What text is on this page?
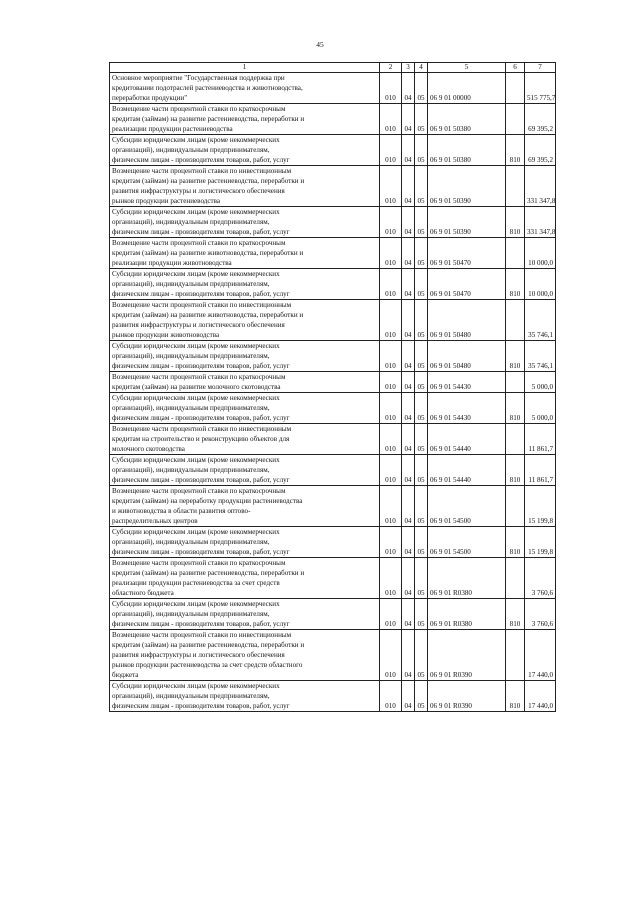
45
1	2	3	4	5	6	7

Основное мероприятие "Государственная поддержка при
кредитовании подотраслей растениеводства и животноводства,
переработки продукции"	010	04	05	06 9 01 00000		515 775,7

Возмещение части процентной ставки по краткосрочным
кредитам (займам) на развитие растениеводства, переработки и
реализации продукции растениеводства	010	04	05	06 9 01 50380		69 395,2

Субсидии юридическим лицам (кроме некоммерческих
организаций), индивидуальным предпринимателям,
физическим лицам - производителям товаров, работ, услуг	010	04	05	06 9 01 50380	810	69 395,2

Возмещение части процентной ставки по инвестиционным
кредитам (займам) на развитие растениеводства, переработки и
развития инфраструктуры и логистического обеспечения
рынков продукции растениеводства	010	04	05	06 9 01 50390		331 347,8

Субсидии юридическим лицам (кроме некоммерческих
организаций), индивидуальным предпринимателям,
физическим лицам - производителям товаров, работ, услуг	010	04	05	06 9 01 50390	810	331 347,8

Возмещение части процентной ставки по краткосрочным
кредитам (займам) на развитие животноводства, переработки и
реализации продукции животноводства	010	04	05	06 9 01 50470		10 000,0

Субсидии юридическим лицам (кроме некоммерческих
организаций), индивидуальным предпринимателям,
физическим лицам - производителям товаров, работ, услуг	010	04	05	06 9 01 50470	810	10 000,0

Возмещение части процентной ставки по инвестиционным
кредитам (займам) на развитие животноводства, переработки и
развития инфраструктуры и логистического обеспечения
рынков продукции животноводства	010	04	05	06 9 01 50480		35 746,1

Субсидии юридическим лицам (кроме некоммерческих
организаций), индивидуальным предпринимателям,
физическим лицам - производителям товаров, работ, услуг	010	04	05	06 9 01 50480	810	35 746,1

Возмещение части процентной ставки по краткосрочным
кредитам (займам) на развитие молочного скотоводства	010	04	05	06 9 01 54430		5 000,0

Субсидии юридическим лицам (кроме некоммерческих
организаций), индивидуальным предпринимателям,
физическим лицам - производителям товаров, работ, услуг	010	04	05	06 9 01 54430	810	5 000,0

Возмещение части процентной ставки по инвестиционным
кредитам на строительство и реконструкцию объектов для
молочного скотоводства	010	04	05	06 9 01 54440		11 861,7

Субсидии юридическим лицам (кроме некоммерческих
организаций), индивидуальным предпринимателям,
физическим лицам - производителям товаров, работ, услуг	010	04	05	06 9 01 54440	810	11 861,7

Возмещение части процентной ставки по краткосрочным
кредитам (займам) на переработку продукции растениеводства
и животноводства в области развития оптово-
распределительных центров	010	04	05	06 9 01 54500		15 199,8

Субсидии юридическим лицам (кроме некоммерческих
организаций), индивидуальным предпринимателям,
физическим лицам - производителям товаров, работ, услуг	010	04	05	06 9 01 54500	810	15 199,8

Возмещение части процентной ставки по краткосрочным
кредитам (займам) на развитие растениеводства, переработки и
реализации продукции растениеводства за счет средств
областного бюджета	010	04	05	06 9 01 R0380		3 760,6

Субсидии юридическим лицам (кроме некоммерческих
организаций), индивидуальным предпринимателям,
физическим лицам - производителям товаров, работ, услуг	010	04	05	06 9 01 R0380	810	3 760,6

Возмещение части процентной ставки по инвестиционным
кредитам (займам) на развитие растениеводства, переработки и
развития инфраструктуры и логистического обеспечения
рынков продукции растениеводства за счет средств областного
бюджета	010	04	05	06 9 01 R0390		17 440,0

Субсидии юридическим лицам (кроме некоммерческих
организаций), индивидуальным предпринимателям,
физическим лицам - производителям товаров, работ, услуг	010	04	05	06 9 01 R0390	810	17 440,0
